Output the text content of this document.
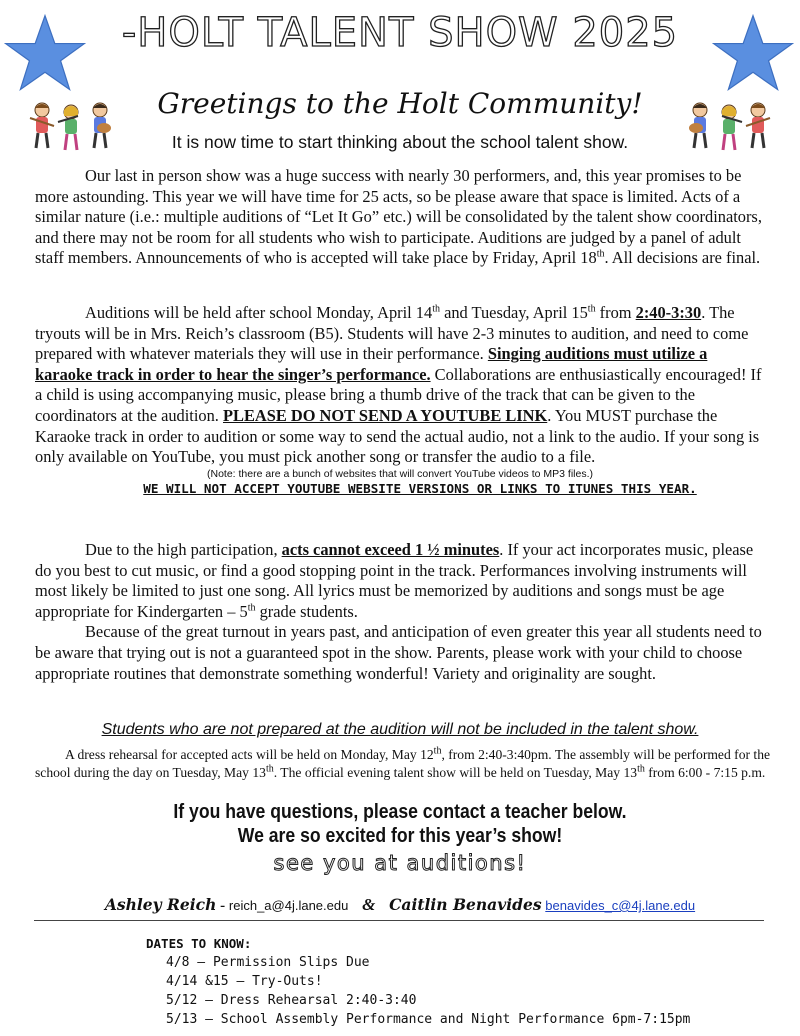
-HOLT TALENT SHOW 2025
Greetings to the Holt Community!
It is now time to start thinking about the school talent show.

Our last in person show was a huge success with nearly 30 performers, and, this year promises to be more astounding. This year we will have time for 25 acts, so be please aware that space is limited. Acts of a similar nature (i.e.: multiple auditions of “Let It Go” etc.) will be consolidated by the talent show coordinators, and there may not be room for all students who wish to participate. Auditions are judged by a panel of adult staff members. Announcements of who is accepted will take place by Friday, April 18th. All decisions are final.

Auditions will be held after school Monday, April 14th and Tuesday, April 15th from 2:40-3:30. The tryouts will be in Mrs. Reich’s classroom (B5). Students will have 2-3 minutes to audition, and need to come prepared with whatever materials they will use in their performance. Singing auditions must utilize a karaoke track in order to hear the singer’s performance. Collaborations are enthusiastically encouraged! If a child is using accompanying music, please bring a thumb drive of the track that can be given to the coordinators at the audition. PLEASE DO NOT SEND A YOUTUBE LINK. You MUST purchase the Karaoke track in order to audition or some way to send the actual audio, not a link to the audio. If your song is only available on YouTube, you must pick another song or transfer the audio to a file.

(Note: there are a bunch of websites that will convert YouTube videos to MP3 files.)
WE WILL NOT ACCEPT YOUTUBE WEBSITE VERSIONS OR LINKS TO ITUNES THIS YEAR.

Due to the high participation, acts cannot exceed 1 ½ minutes. If your act incorporates music, please do you best to cut music, or find a good stopping point in the track. Performances involving instruments will most likely be limited to just one song. All lyrics must be memorized by auditions and songs must be age appropriate for Kindergarten – 5th grade students.

Because of the great turnout in years past, and anticipation of even greater this year all students need to be aware that trying out is not a guaranteed spot in the show. Parents, please work with your child to choose appropriate routines that demonstrate something wonderful! Variety and originality are sought.

Students who are not prepared at the audition will not be included in the talent show.
A dress rehearsal for accepted acts will be held on Monday, May 12th, from 2:40-3:40pm. The assembly will be performed for the school during the day on Tuesday, May 13th. The official evening talent show will be held on Tuesday, May 13th from 6:00 - 7:15 p.m.
If you have questions, please contact a teacher below.
We are so excited for this year’s show!
see you at auditions!
Ashley Reich - reich_a@4j.lane.edu & Caitlin Benavides benavides_c@4j.lane.edu
DATES TO KNOW:
4/8 – Permission Slips Due
4/14 &15 – Try-Outs!
5/12 – Dress Rehearsal 2:40-3:40
5/13 – School Assembly Performance and Night Performance 6pm-7:15pm
